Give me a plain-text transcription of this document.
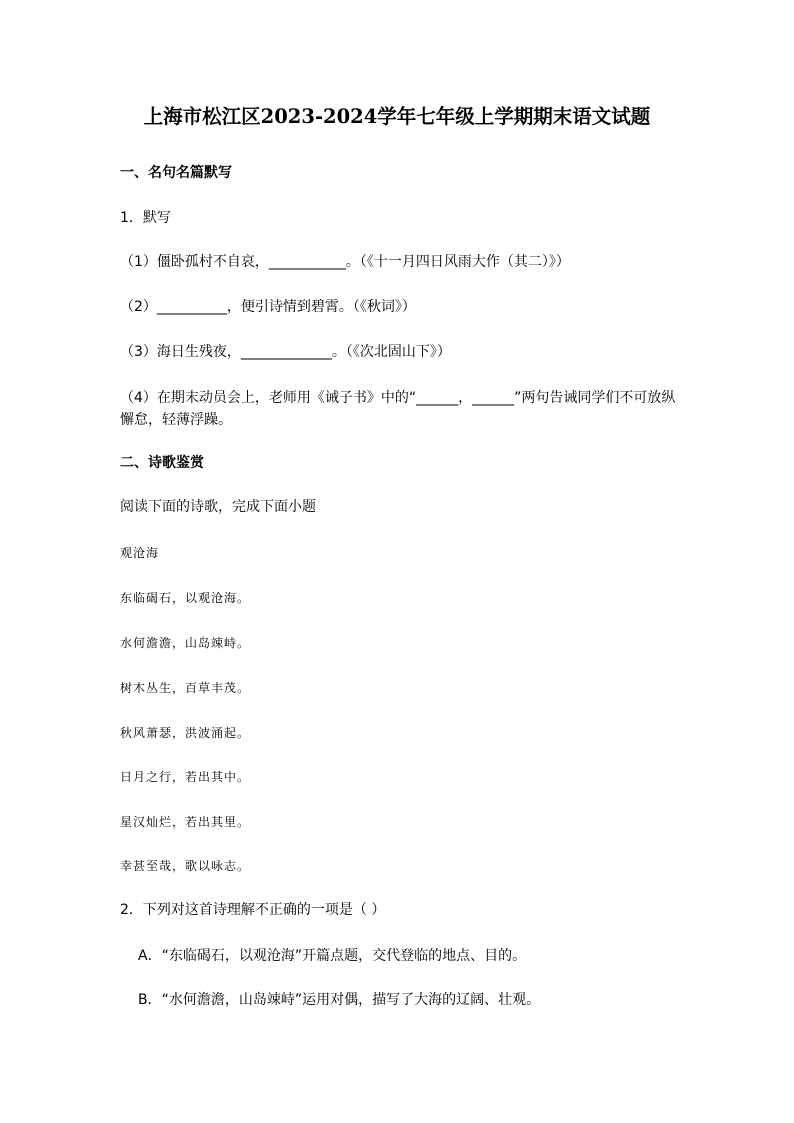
上海市松江区2023-2024学年七年级上学期期末语文试题
一、名句名篇默写
1．默写
（1）僵卧孤村不自哀，___________。（《十一月四日风雨大作（其二）》）
（2）__________，便引诗情到碧霄。（《秋词》）
（3）海日生残夜，_____________。（《次北固山下》）
（4）在期末动员会上，老师用《诫子书》中的“______，______”两句告诫同学们不可放纵懈怠，轻薄浮躁。
二、诗歌鉴赏
阅读下面的诗歌，完成下面小题
观沧海
东临碣石，以观沧海。
水何澹澹，山岛竦峙。
树木丛生，百草丰茂。
秋风萧瑟，洪波涌起。
日月之行，若出其中。
星汉灿烂，若出其里。
幸甚至哉，歌以咏志。
2．下列对这首诗理解不正确的一项是（ ）
A．“东临碣石，以观沧海”开篇点题，交代登临的地点、目的。
B．“水何澹澹，山岛竦峙”运用对偶，描写了大海的辽阔、壮观。
